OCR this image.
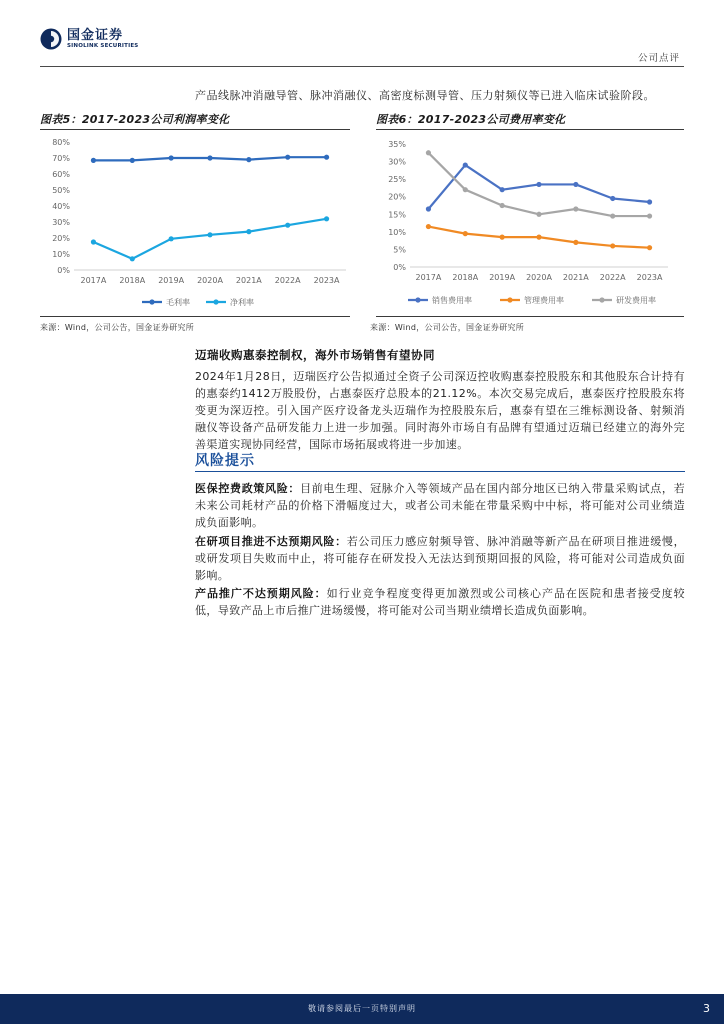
国金证券
SINOLINK SECURITIES
公司点评
产品线脉冲消融导管、脉冲消融仪、高密度标测导管、压力射频仪等已进入临床试验阶段。
图表5：2017-2023公司利润率变化	图表6：2017-2023公司费用率变化
0%
10%
20%
30%
40%
50%
60%
70%
80%
2017A 2018A 2019A 2020A 2021A 2022A 2023A
毛利率	净利率
0%
5%
10%
15%
20%
25%
30%
35%
2017A 2018A 2019A 2020A 2021A 2022A 2023A
销售费用率	管理费用率	研发费用率
来源：Wind，公司公告，国金证券研究所	来源：Wind，公司公告，国金证券研究所
迈瑞收购惠泰控制权，海外市场销售有望协同
2024年1月28日，迈瑞医疗公告拟通过全资子公司深迈控收购惠泰控股股东和其他股东合计持有的惠泰约1412万股股份，占惠泰医疗总股本的21.12%。本次交易完成后，惠泰医疗控股股东将变更为深迈控。引入国产医疗设备龙头迈瑞作为控股股东后，惠泰有望在三维标测设备、射频消融仪等设备产品研发能力上进一步加强。同时海外市场自有品牌有望通过迈瑞已经建立的海外完善渠道实现协同经营，国际市场拓展或将进一步加速。
风险提示
医保控费政策风险：目前电生理、冠脉介入等领域产品在国内部分地区已纳入带量采购试点，若未来公司耗材产品的价格下滑幅度过大，或者公司未能在带量采购中中标，将可能对公司业绩造成负面影响。
在研项目推进不达预期风险：若公司压力感应射频导管、脉冲消融等新产品在研项目推进缓慢，或研发项目失败而中止，将可能存在研发投入无法达到预期回报的风险，将可能对公司造成负面影响。
产品推广不达预期风险：如行业竞争程度变得更加激烈或公司核心产品在医院和患者接受度较低，导致产品上市后推广进场缓慢，将可能对公司当期业绩增长造成负面影响。
敬请参阅最后一页特别声明	3
